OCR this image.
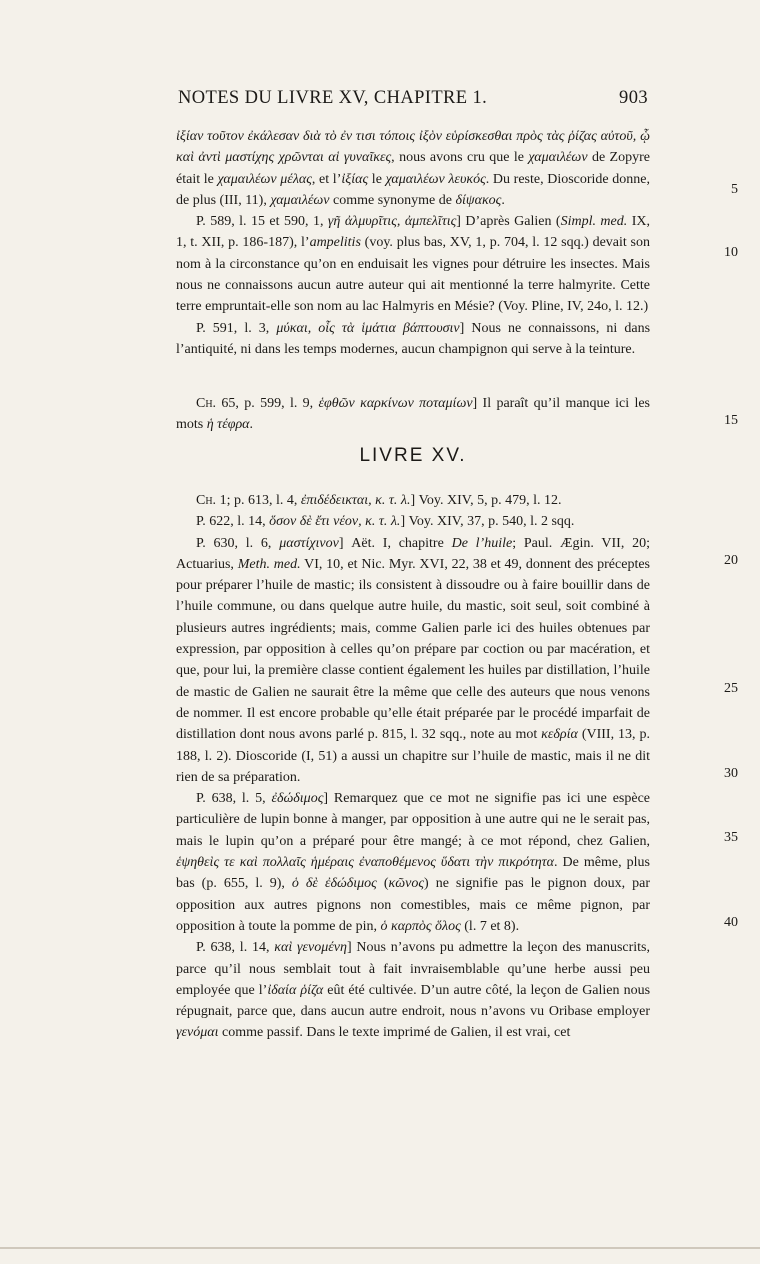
NOTES DU LIVRE XV, CHAPITRE 1.	903

ἰξίαν τοῦτον ἐκάλεσαν διὰ τὸ ἐν τισι τόποις ἰξὸν εὑρίσκεσθαι πρὸς τὰς ῥίζας αὐτοῦ, ᾧ καὶ ἀντὶ μαστίχης χρῶνται αἱ γυναῖκες, nous avons cru que le χαμαιλέων de Zopyre était le χαμαιλέων μέλας, et l’ἰξίας le χαμαιλέων λευκός. Du reste, Dioscoride donne, de plus (III, 11), χαμαιλέων comme synonyme de δίψακος.

P. 589, l. 15 et 590, 1, γῆ ἀλμυρῖτις, ἀμπελῖτις] D’après Galien (Simpl. med. IX, 1, t. XII, p. 186-187), l’ampelitis (voy. plus bas, XV, 1, p. 704, l. 12 sqq.) devait son nom à la circonstance qu’on en enduisait les vignes pour détruire les insectes. Mais nous ne connaissons aucun autre auteur qui ait mentionné la terre halmyrite. Cette terre empruntait-elle son nom au lac Halmyris en Mésie? (Voy. Pline, IV, 24o, l. 12.)

P. 591, l. 3, μύκαι, οἷς τὰ ἱμάτια βάπτουσιν] Nous ne connaissons, ni dans l’antiquité, ni dans les temps modernes, aucun champignon qui serve à la teinture.

Ch. 65, p. 599, l. 9, ἑφθῶν καρκίνων ποταμίων] Il paraît qu’il manque ici les mots ἡ τέφρα.

LIVRE XV.

Ch. 1; p. 613, l. 4, ἐπιδέδεικται, κ. τ. λ.] Voy. XIV, 5, p. 479, l. 12.

P. 622, l. 14, ὅσον δὲ ἔτι νέον, κ. τ. λ.] Voy. XIV, 37, p. 540, l. 2 sqq.

P. 630, l. 6, μαστίχινον] Aët. I, chapitre De l’huile; Paul. Ægin. VII, 20; Actuarius, Meth. med. VI, 10, et Nic. Myr. XVI, 22, 38 et 49, donnent des préceptes pour préparer l’huile de mastic; ils consistent à dissoudre ou à faire bouillir dans de l’huile commune, ou dans quelque autre huile, du mastic, soit seul, soit combiné à plusieurs autres ingrédients; mais, comme Galien parle ici des huiles obtenues par expression, par opposition à celles qu’on prépare par coction ou par macération, et que, pour lui, la première classe contient également les huiles par distillation, l’huile de mastic de Galien ne saurait être la même que celle des auteurs que nous venons de nommer. Il est encore probable qu’elle était préparée par le procédé imparfait de distillation dont nous avons parlé p. 815, l. 32 sqq., note au mot κεδρία (VIII, 13, p. 188, l. 2). Dioscoride (I, 51) a aussi un chapitre sur l’huile de mastic, mais il ne dit rien de sa préparation.

P. 638, l. 5, ἐδώδιμος] Remarquez que ce mot ne signifie pas ici une espèce particulière de lupin bonne à manger, par opposition à une autre qui ne le serait pas, mais le lupin qu’on a préparé pour être mangé; à ce mot répond, chez Galien, ἑψηθεὶς τε καὶ πολλαῖς ἡμέραις ἐναποθέμενος ὕδατι τὴν πικρότητα. De même, plus bas (p. 655, l. 9), ὁ δὲ ἐδώδιμος (κῶνος) ne signifie pas le pignon doux, par opposition aux autres pignons non comestibles, mais ce même pignon, par opposition à toute la pomme de pin, ὁ καρπὸς ὅλος (l. 7 et 8).

P. 638, l. 14, καὶ γενομένη] Nous n’avons pu admettre la leçon des manuscrits, parce qu’il nous semblait tout à fait invraisemblable qu’une herbe aussi peu employée que l’ἰδαία ῥίζα eût été cultivée. D’un autre côté, la leçon de Galien nous répugnait, parce que, dans aucun autre endroit, nous n’avons vu Oribase employer γενόμαι comme passif. Dans le texte imprimé de Galien, il est vrai, cet

5
10
15
20
25
30
35
40
